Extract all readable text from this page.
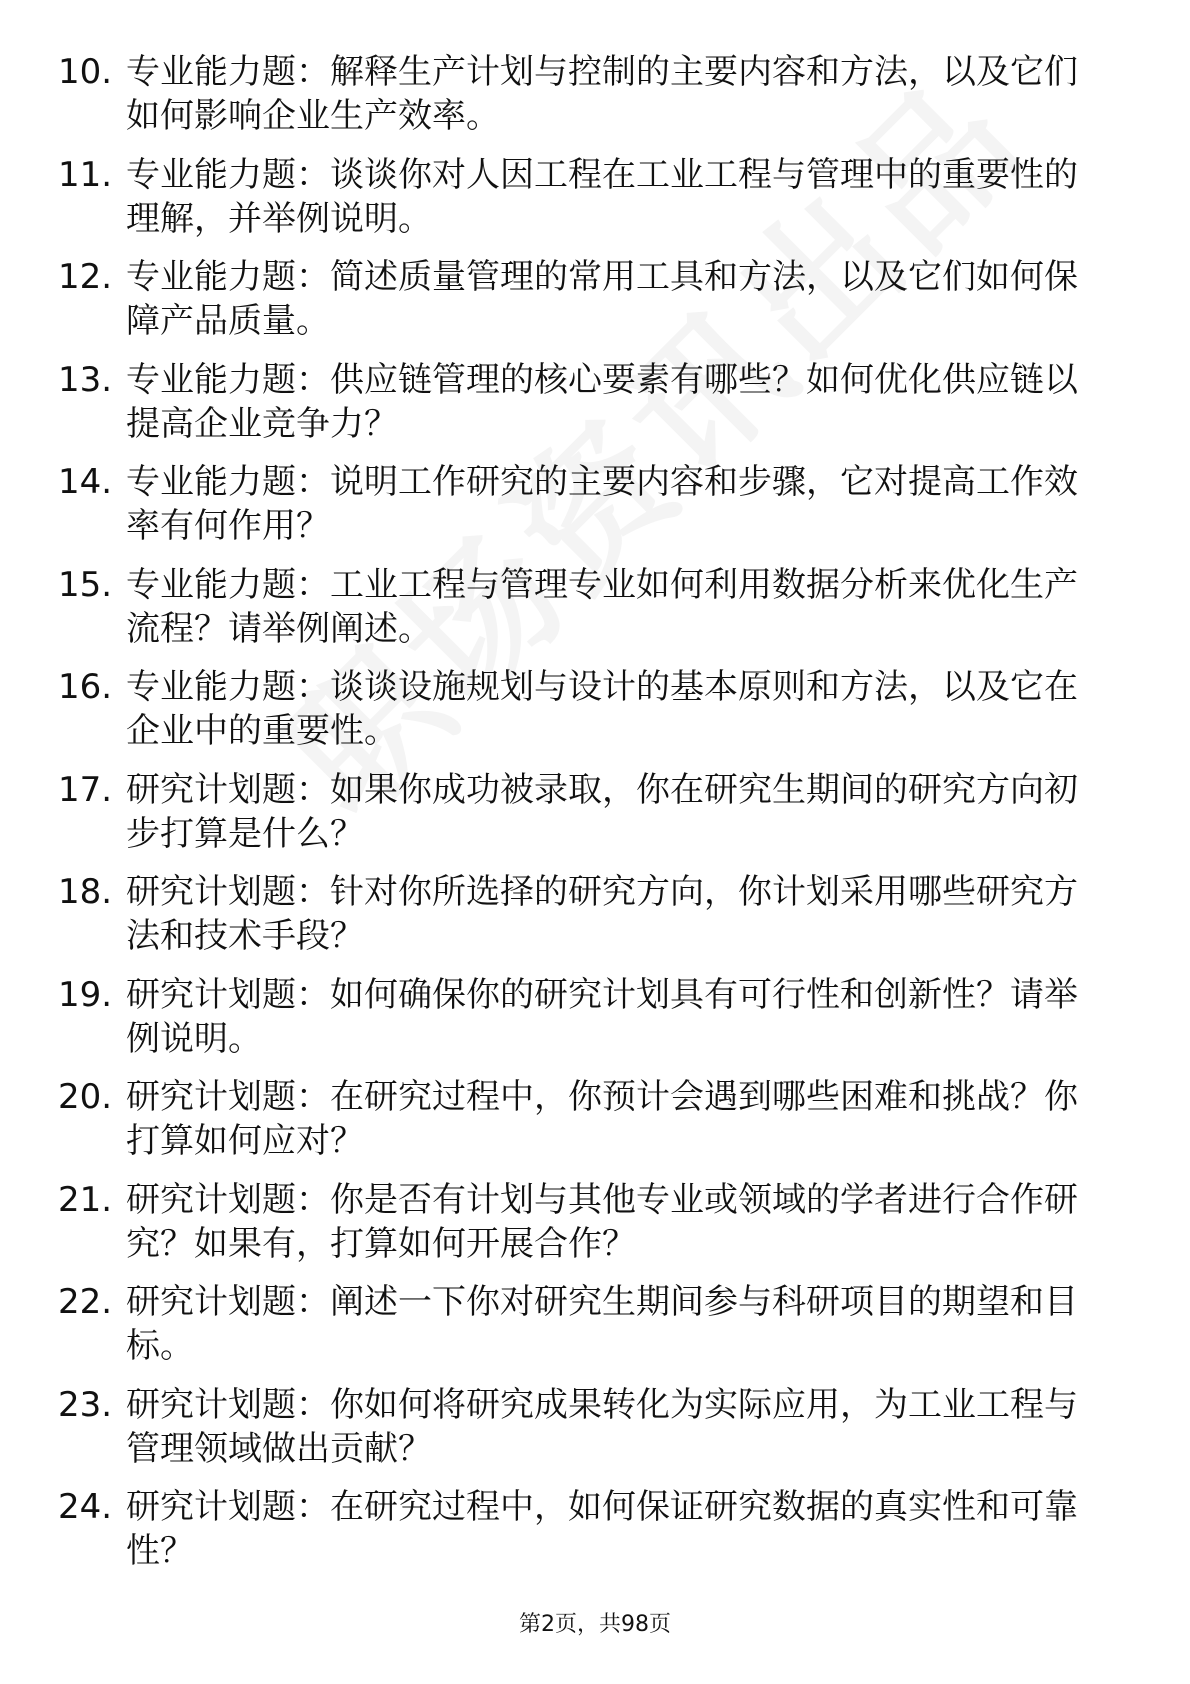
10. 专业能力题：解释生产计划与控制的主要内容和方法，以及它们如何影响企业生产效率。
11. 专业能力题：谈谈你对人因工程在工业工程与管理中的重要性的理解，并举例说明。
12. 专业能力题：简述质量管理的常用工具和方法，以及它们如何保障产品质量。
13. 专业能力题：供应链管理的核心要素有哪些？如何优化供应链以提高企业竞争力？
14. 专业能力题：说明工作研究的主要内容和步骤，它对提高工作效率有何作用？
15. 专业能力题：工业工程与管理专业如何利用数据分析来优化生产流程？请举例阐述。
16. 专业能力题：谈谈设施规划与设计的基本原则和方法，以及它在企业中的重要性。
17. 研究计划题：如果你成功被录取，你在研究生期间的研究方向初步打算是什么？
18. 研究计划题：针对你所选择的研究方向，你计划采用哪些研究方法和技术手段？
19. 研究计划题：如何确保你的研究计划具有可行性和创新性？请举例说明。
20. 研究计划题：在研究过程中，你预计会遇到哪些困难和挑战？你打算如何应对？
21. 研究计划题：你是否有计划与其他专业或领域的学者进行合作研究？如果有，打算如何开展合作？
22. 研究计划题：阐述一下你对研究生期间参与科研项目的期望和目标。
23. 研究计划题：你如何将研究成果转化为实际应用，为工业工程与管理领域做出贡献？
24. 研究计划题：在研究过程中，如何保证研究数据的真实性和可靠性？
第2页，共98页
